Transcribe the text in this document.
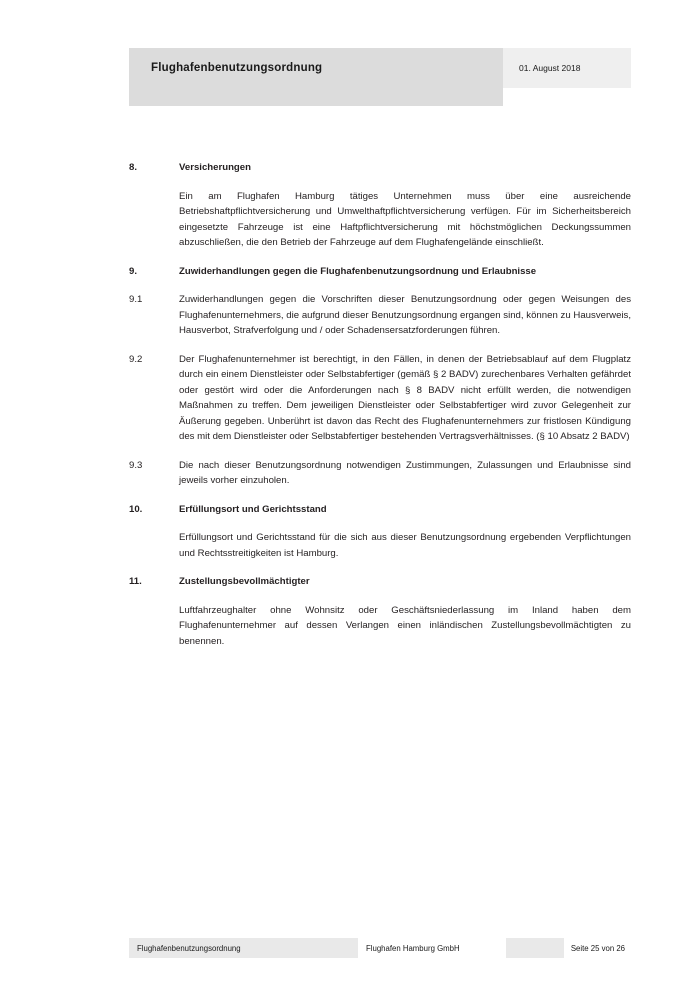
Flughafenbenutzungsordnung	01. August 2018
8.	Versicherungen
Ein am Flughafen Hamburg tätiges Unternehmen muss über eine ausreichende Betriebshaftpflichtversicherung und Umwelthaftpflichtversicherung verfügen. Für im Sicherheitsbereich eingesetzte Fahrzeuge ist eine Haftpflichtversicherung mit höchstmöglichen Deckungssummen abzuschließen, die den Betrieb der Fahrzeuge auf dem Flughafengelände einschließt.
9.	Zuwiderhandlungen gegen die Flughafenbenutzungsordnung und Erlaubnisse
9.1	Zuwiderhandlungen gegen die Vorschriften dieser Benutzungsordnung oder gegen Weisungen des Flughafenunternehmers, die aufgrund dieser Benutzungsordnung ergangen sind, können zu Hausverweis, Hausverbot, Strafverfolgung und / oder Schadensersatzforderungen führen.
9.2	Der Flughafenunternehmer ist berechtigt, in den Fällen, in denen der Betriebsablauf auf dem Flugplatz durch ein einem Dienstleister oder Selbstabfertiger (gemäß § 2 BADV) zurechenbares Verhalten gefährdet oder gestört wird oder die Anforderungen nach § 8 BADV nicht erfüllt werden, die notwendigen Maßnahmen zu treffen. Dem jeweiligen Dienstleister oder Selbstabfertiger wird zuvor Gelegenheit zur Äußerung gegeben. Unberührt ist davon das Recht des Flughafenunternehmers zur fristlosen Kündigung des mit dem Dienstleister oder Selbstabfertiger bestehenden Vertragsverhältnisses. (§ 10 Absatz 2 BADV)
9.3	Die nach dieser Benutzungsordnung notwendigen Zustimmungen, Zulassungen und Erlaubnisse sind jeweils vorher einzuholen.
10.	Erfüllungsort und Gerichtsstand
Erfüllungsort und Gerichtsstand für die sich aus dieser Benutzungsordnung ergebenden Verpflichtungen und Rechtsstreitigkeiten ist Hamburg.
11.	Zustellungsbevollmächtigter
Luftfahrzeughalter ohne Wohnsitz oder Geschäftsniederlassung im Inland haben dem Flughafenunternehmer auf dessen Verlangen einen inländischen Zustellungsbevollmächtigten zu benennen.
Flughafenbenutzungsordnung	Flughafen Hamburg GmbH	Seite 25 von 26
